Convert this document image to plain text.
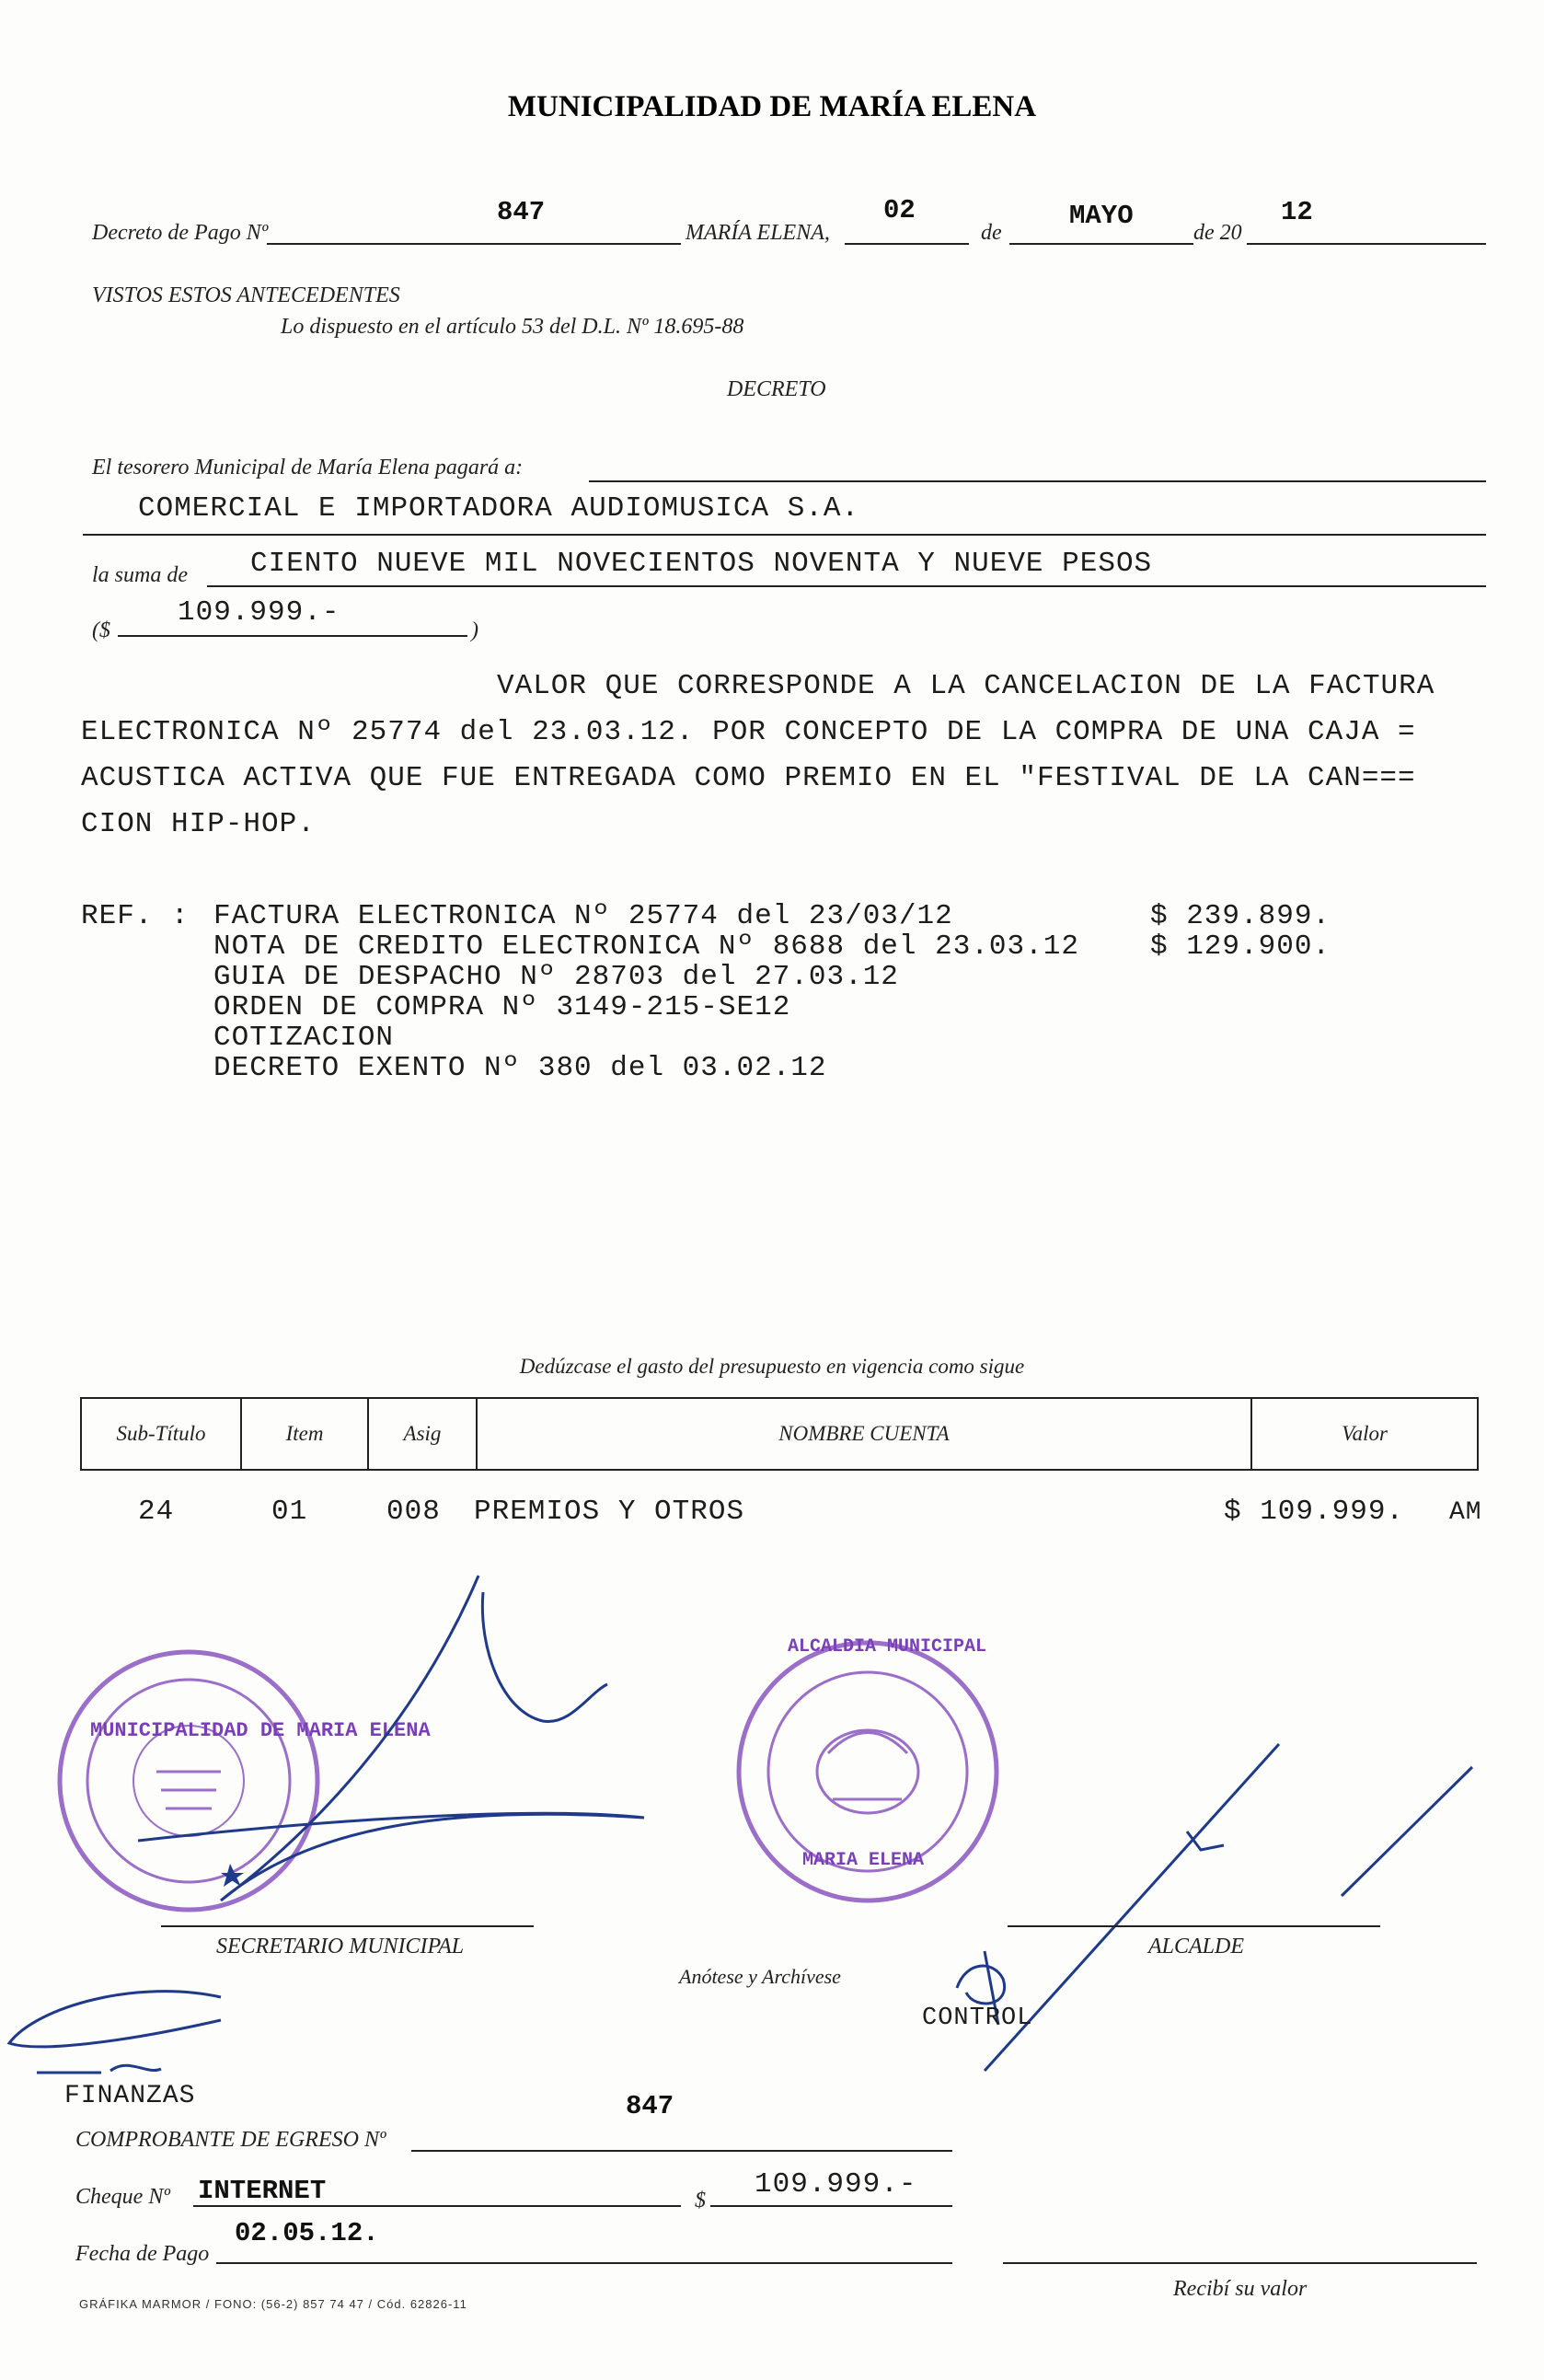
MUNICIPALIDAD DE MARÍA ELENA
Decreto de Pago Nº
847
MARÍA ELENA,
02
de
MAYO
de 20
12
VISTOS ESTOS ANTECEDENTES
Lo dispuesto en el artículo 53 del D.L. Nº 18.695-88
DECRETO
El tesorero Municipal de María Elena pagará a:
COMERCIAL E IMPORTADORA AUDIOMUSICA S.A.
la suma de CIENTO NUEVE MIL NOVECIENTOS NOVENTA Y NUEVE PESOS
($
109.999.-
)
VALOR QUE CORRESPONDE A LA CANCELACION DE LA FACTURA
ELECTRONICA Nº 25774 del 23.03.12. POR CONCEPTO DE LA COMPRA DE UNA CAJA =
ACUSTICA ACTIVA QUE FUE ENTREGADA COMO PREMIO EN EL "FESTIVAL DE LA CAN===
CION HIP-HOP.
REF. : FACTURA ELECTRONICA Nº 25774 del 23/03/12	$ 239.899.
NOTA DE CREDITO ELECTRONICA Nº 8688 del 23.03.12 $ 129.900.
GUIA DE DESPACHO Nº 28703 del 27.03.12
ORDEN DE COMPRA Nº 3149-215-SE12
COTIZACION
DECRETO EXENTO Nº 380 del 03.02.12
Dedúzcase el gasto del presupuesto en vigencia como sigue
Sub-Título	Item	Asig	NOMBRE CUENTA	Valor
24	01	008 PREMIOS Y OTROS	$ 109.999. AM
MUNICIPALIDAD DE MARIA ELENA
ALCALDIA MUNICIPAL
MARIA ELENA
SECRETARIO MUNICIPAL	ALCALDE
Anótese y Archívese
CONTROL
FINANZAS	847
COMPROBANTE DE EGRESO Nº
Cheque Nº INTERNET	$ 109.999.-
Fecha de Pago
02.05.12.
Recibí su valor
GRÁFIKA MARMOR / FONO: (56-2) 857 74 47 / Cód. 62826-11
